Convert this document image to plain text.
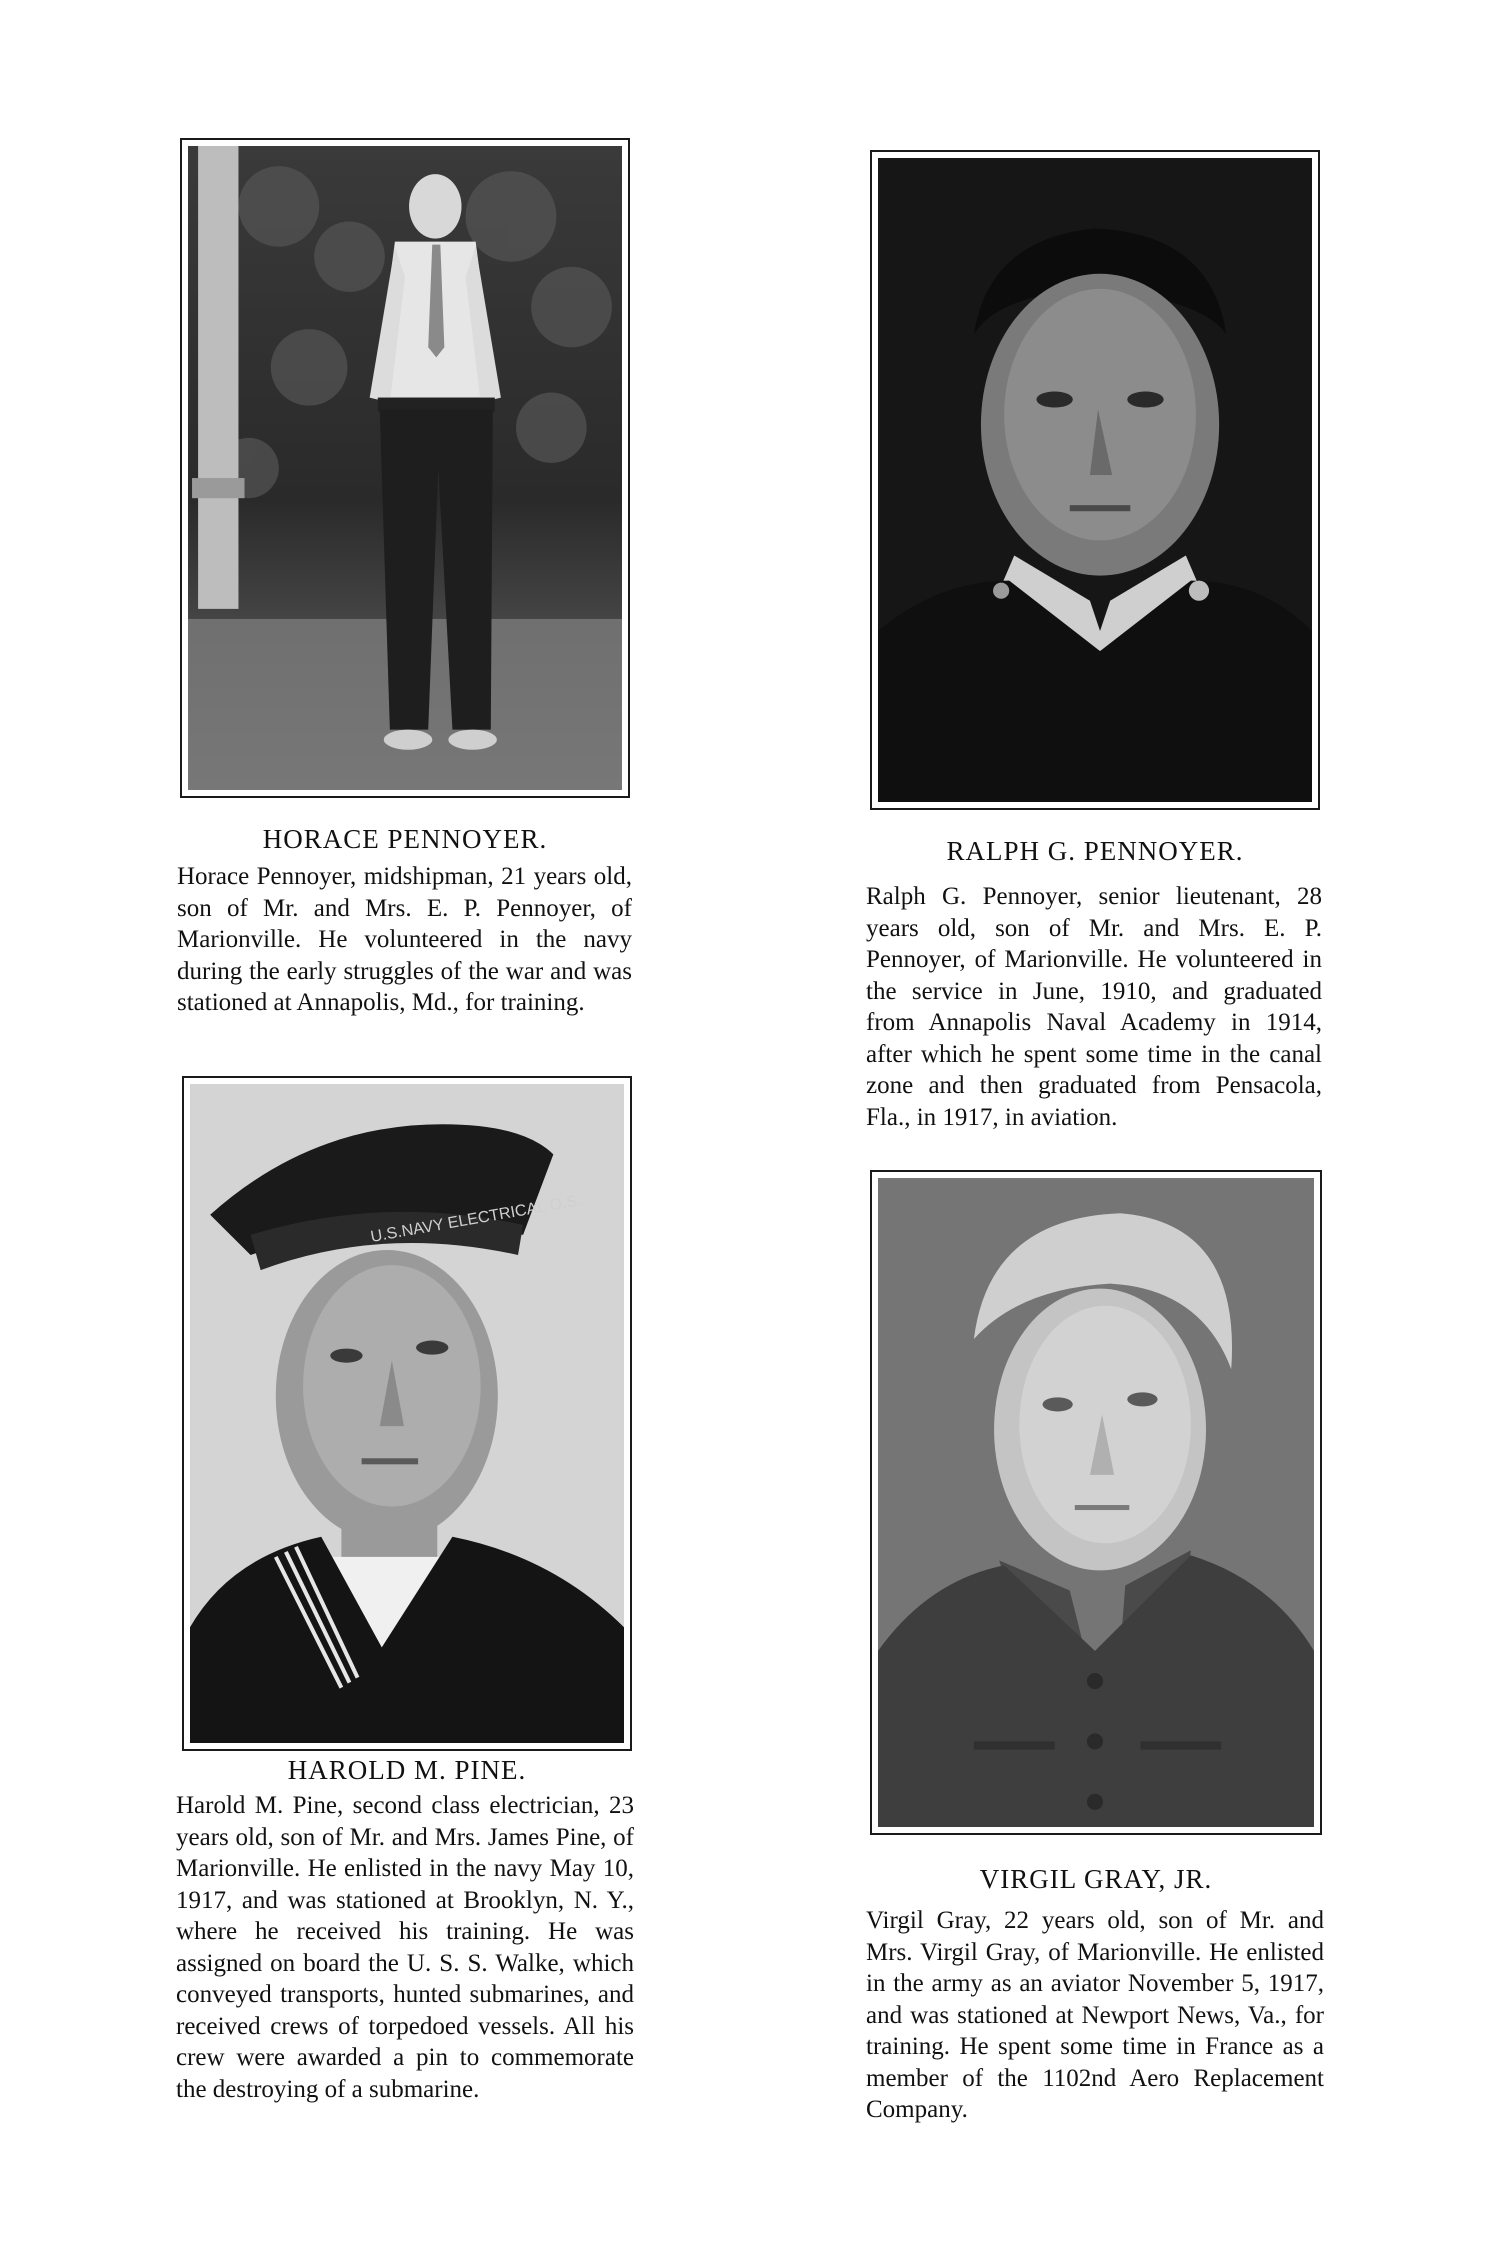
HORACE PENNOYER.
Horace Pennoyer, midshipman, 21 years old, son of Mr. and Mrs. E. P. Pennoyer, of Marionville. He volunteered in the navy during the early struggles of the war and was stationed at Annapolis, Md., for training.
RALPH G. PENNOYER.
Ralph G. Pennoyer, senior lieutenant, 28 years old, son of Mr. and Mrs. E. P. Pennoyer, of Marionville. He volunteered in the service in June, 1910, and graduated from Annapolis Naval Academy in 1914, after which he spent some time in the canal zone and then graduated from Pensacola, Fla., in 1917, in aviation.
U.S.NAVY ELECTRICAL O.S.
HAROLD M. PINE.
Harold M. Pine, second class electrician, 23 years old, son of Mr. and Mrs. James Pine, of Marionville. He enlisted in the navy May 10, 1917, and was stationed at Brooklyn, N. Y., where he received his training. He was assigned on board the U. S. S. Walke, which conveyed transports, hunted submarines, and received crews of torpedoed vessels. All his crew were awarded a pin to commemorate the destroying of a submarine.
VIRGIL GRAY, JR.
Virgil Gray, 22 years old, son of Mr. and Mrs. Virgil Gray, of Marionville. He enlisted in the army as an aviator November 5, 1917, and was stationed at Newport News, Va., for training. He spent some time in France as a member of the 1102nd Aero Replacement Company.
